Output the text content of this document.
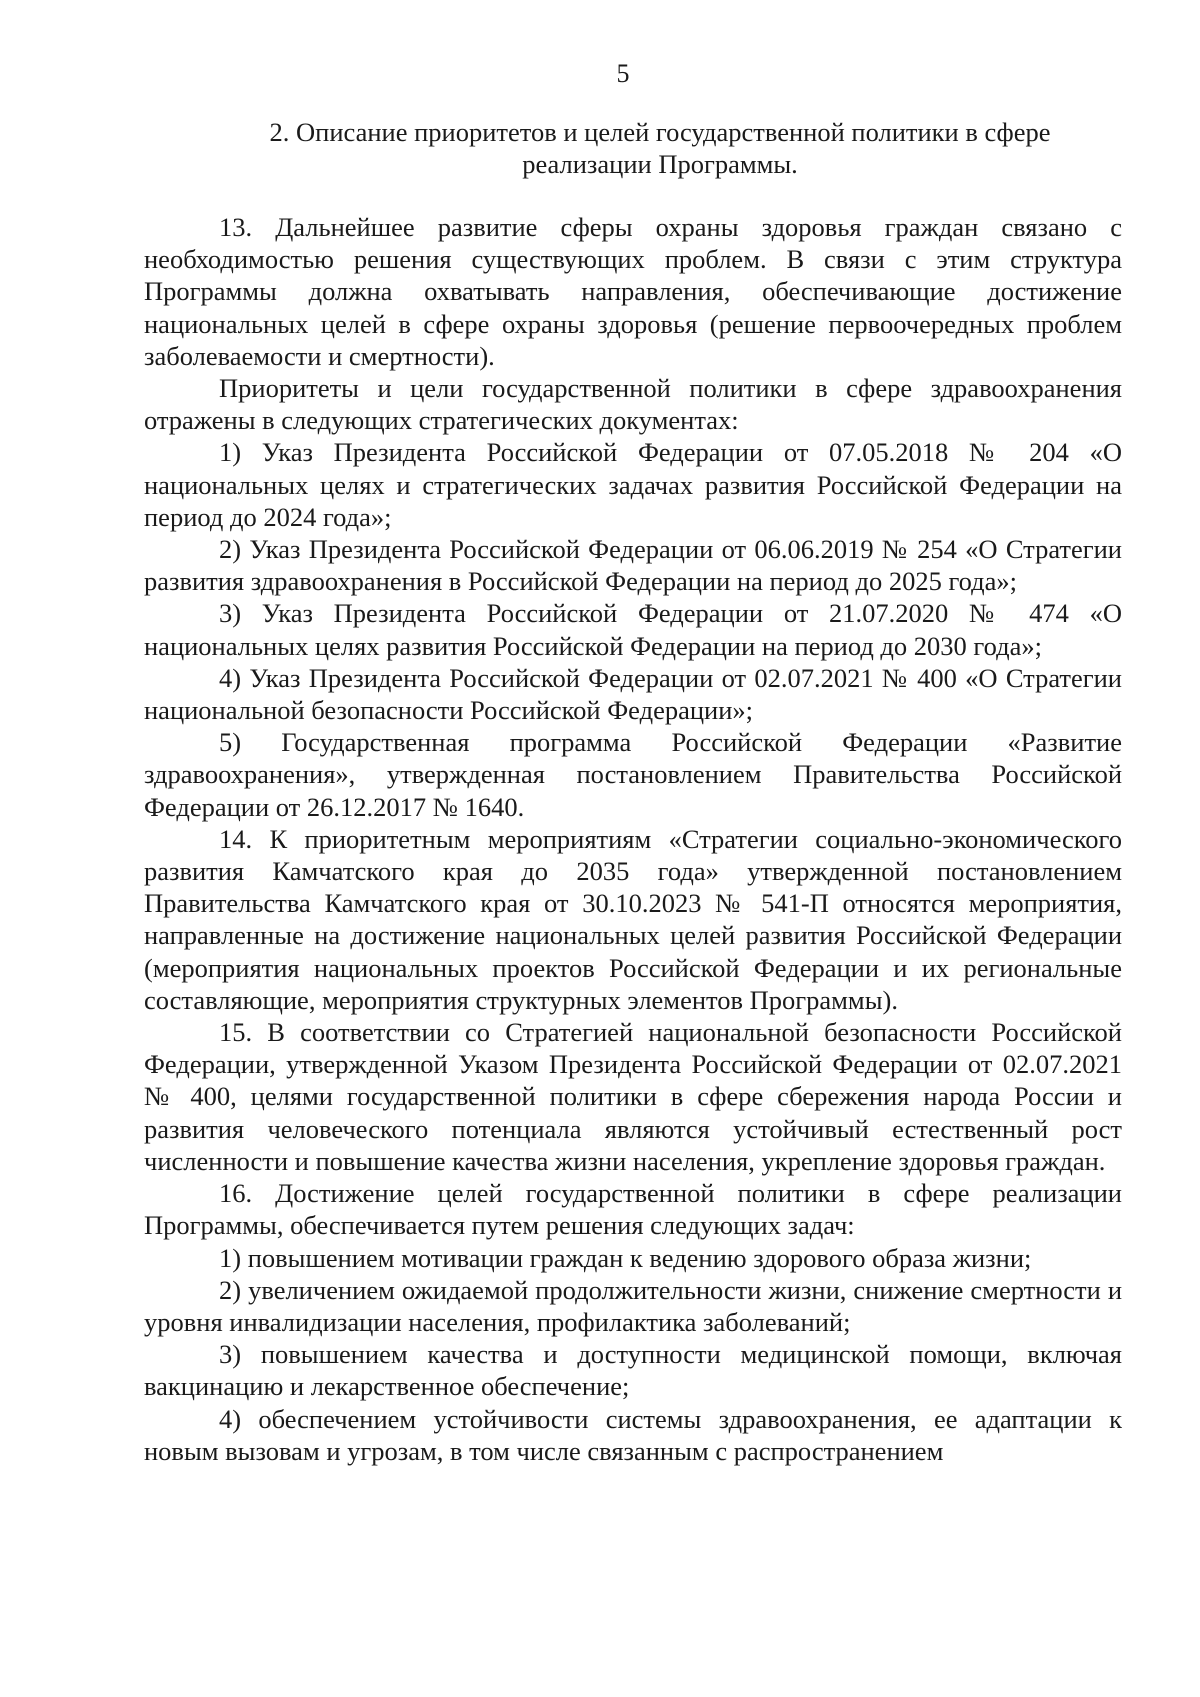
5
2. Описание приоритетов и целей государственной политики в сфере
реализации Программы.

13. Дальнейшее развитие сферы охраны здоровья граждан связано с необходимостью решения существующих проблем. В связи с этим структура Программы должна охватывать направления, обеспечивающие достижение национальных целей в сфере охраны здоровья (решение первоочередных проблем заболеваемости и смертности).

Приоритеты и цели государственной политики в сфере здравоохранения отражены в следующих стратегических документах:

1) Указ Президента Российской Федерации от 07.05.2018 № 204 «О национальных целях и стратегических задачах развития Российской Федерации на период до 2024 года»;

2) Указ Президента Российской Федерации от 06.06.2019 № 254 «О Стратегии развития здравоохранения в Российской Федерации на период до 2025 года»;

3) Указ Президента Российской Федерации от 21.07.2020 № 474 «О национальных целях развития Российской Федерации на период до 2030 года»;

4) Указ Президента Российской Федерации от 02.07.2021 № 400 «О Стратегии национальной безопасности Российской Федерации»;

5) Государственная программа Российской Федерации «Развитие здравоохранения», утвержденная постановлением Правительства Российской Федерации от 26.12.2017 № 1640.

14. К приоритетным мероприятиям «Стратегии социально-экономического развития Камчатского края до 2035 года» утвержденной постановлением Правительства Камчатского края от 30.10.2023 № 541-П относятся мероприятия, направленные на достижение национальных целей развития Российской Федерации (мероприятия национальных проектов Российской Федерации и их региональные составляющие, мероприятия структурных элементов Программы).

15. В соответствии со Стратегией национальной безопасности Российской Федерации, утвержденной Указом Президента Российской Федерации от 02.07.2021 № 400, целями государственной политики в сфере сбережения народа России и развития человеческого потенциала являются устойчивый естественный рост численности и повышение качества жизни населения, укрепление здоровья граждан.

16. Достижение целей государственной политики в сфере реализации Программы, обеспечивается путем решения следующих задач:

1) повышением мотивации граждан к ведению здорового образа жизни;

2) увеличением ожидаемой продолжительности жизни, снижение смертности и уровня инвалидизации населения, профилактика заболеваний;

3) повышением качества и доступности медицинской помощи, включая вакцинацию и лекарственное обеспечение;

4) обеспечением устойчивости системы здравоохранения, ее адаптации к новым вызовам и угрозам, в том числе связанным с распространением
